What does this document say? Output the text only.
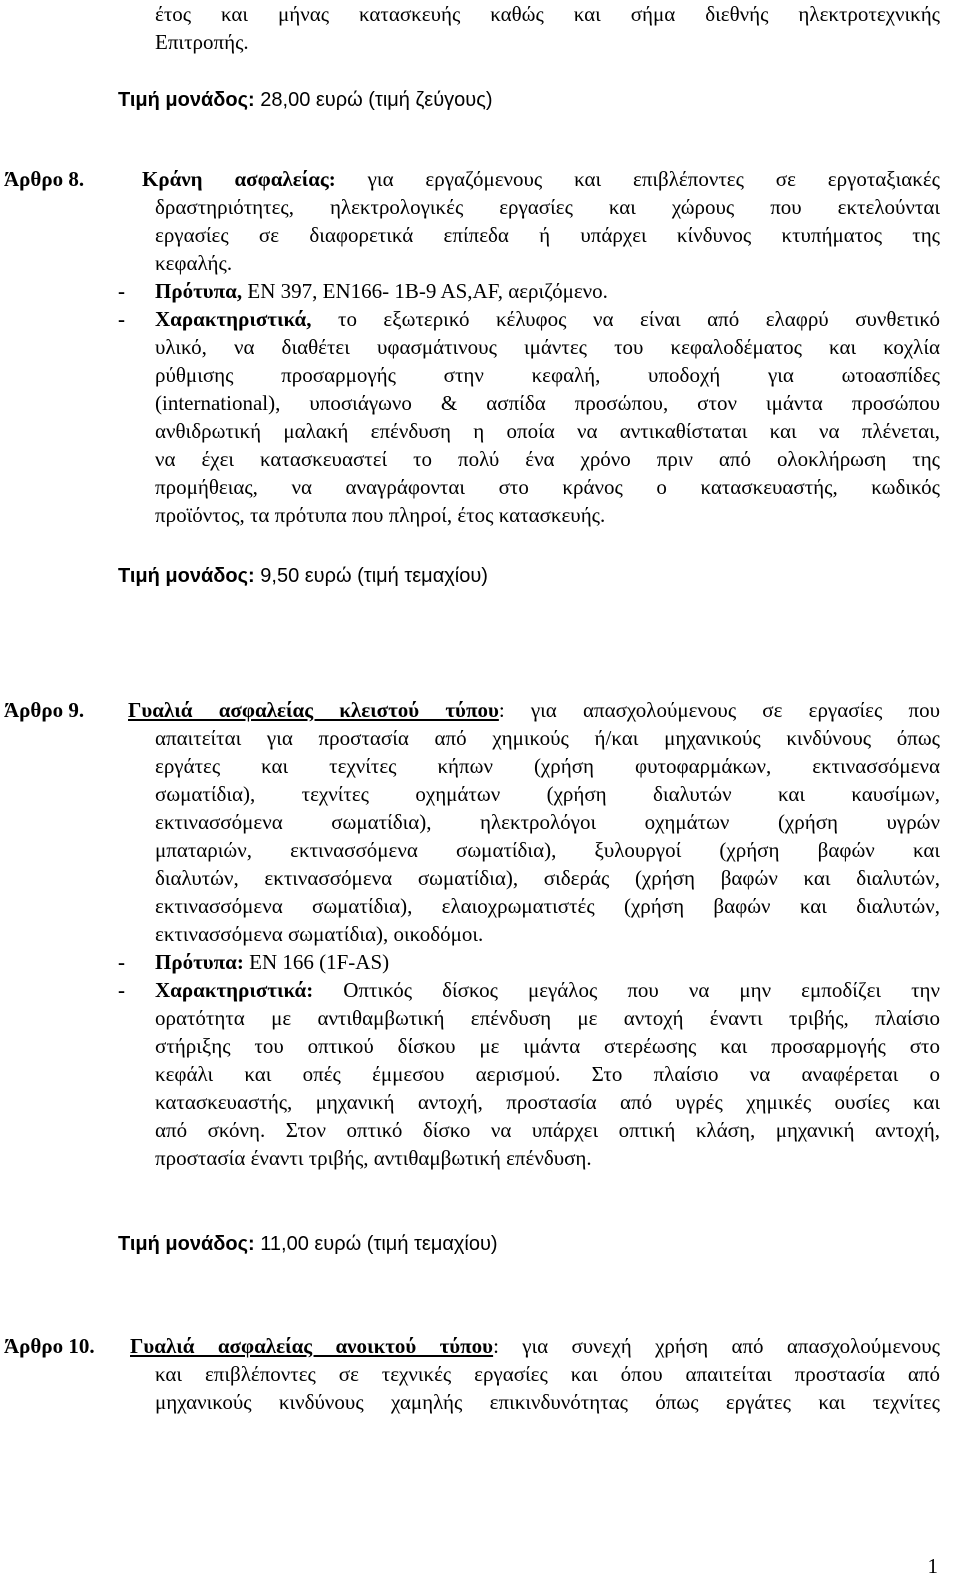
έτος και μήνας κατασκευής καθώς και σήμα διεθνής ηλεκτροτεχνικής

Επιτροπής.

Τιμή μονάδος: 28,00 ευρώ (τιμή ζεύγους)

Άρθρο 8.	Κράνη ασφαλείας: για εργαζόμενους και επιβλέποντες σε εργοταξιακές

δραστηριότητες, ηλεκτρολογικές εργασίες και χώρους που εκτελούνται

εργασίες σε διαφορετικά επίπεδα ή υπάρχει κίνδυνος κτυπήματος της

κεφαλής.

- Πρότυπα, EN 397, EN166- 1B-9 AS,AF, αεριζόμενο.

- Χαρακτηριστικά, το εξωτερικό κέλυφος να είναι από ελαφρύ συνθετικό

υλικό, να διαθέτει υφασμάτινους ιμάντες του κεφαλοδέματος και κοχλία

ρύθμισης προσαρμογής στην κεφαλή, υποδοχή για ωτοασπίδες

(international), υποσιάγωνο & ασπίδα προσώπου, στον ιμάντα προσώπου

ανθιδρωτική μαλακή επένδυση η οποία να αντικαθίσταται και να πλένεται,

να έχει κατασκευαστεί το πολύ ένα χρόνο πριν από ολοκλήρωση της

προμήθειας, να αναγράφονται στο κράνος ο κατασκευαστής, κωδικός

προϊόντος, τα πρότυπα που πληροί, έτος κατασκευής.

Τιμή μονάδος: 9,50 ευρώ (τιμή τεμαχίου)

Άρθρο 9. Γυαλιά ασφαλείας κλειστού τύπου: για απασχολούμενους σε εργασίες που

απαιτείται για προστασία από χημικούς ή/και μηχανικούς κινδύνους όπως

εργάτες και τεχνίτες κήπων (χρήση φυτοφαρμάκων, εκτινασσόμενα

σωματίδια), τεχνίτες οχημάτων (χρήση διαλυτών και καυσίμων,

εκτινασσόμενα σωματίδια), ηλεκτρολόγοι οχημάτων (χρήση υγρών

μπαταριών, εκτινασσόμενα σωματίδια), ξυλουργοί (χρήση βαφών και

διαλυτών, εκτινασσόμενα σωματίδια), σιδεράς (χρήση βαφών και διαλυτών,

εκτινασσόμενα σωματίδια), ελαιοχρωματιστές (χρήση βαφών και διαλυτών,

εκτινασσόμενα σωματίδια), οικοδόμοι.

- Πρότυπα: EN 166 (1F-AS)

- Χαρακτηριστικά: Οπτικός δίσκος μεγάλος που να μην εμποδίζει την

ορατότητα με αντιθαμβωτική επένδυση με αντοχή έναντι τριβής, πλαίσιο

στήριξης του οπτικού δίσκου με ιμάντα στερέωσης και προσαρμογής στο

κεφάλι και οπές έμμεσου αερισμού. Στο πλαίσιο να αναφέρεται ο

κατασκευαστής, μηχανική αντοχή, προστασία από υγρές χημικές ουσίες και

από σκόνη. Στον οπτικό δίσκο να υπάρχει οπτική κλάση, μηχανική αντοχή,

προστασία έναντι τριβής, αντιθαμβωτική επένδυση.

Τιμή μονάδος: 11,00 ευρώ (τιμή τεμαχίου)

Άρθρο 10. Γυαλιά ασφαλείας ανοικτού τύπου: για συνεχή χρήση από απασχολούμενους

και επιβλέποντες σε τεχνικές εργασίες και όπου απαιτείται προστασία από

μηχανικούς κινδύνους χαμηλής επικινδυνότητας όπως εργάτες και τεχνίτες

1
